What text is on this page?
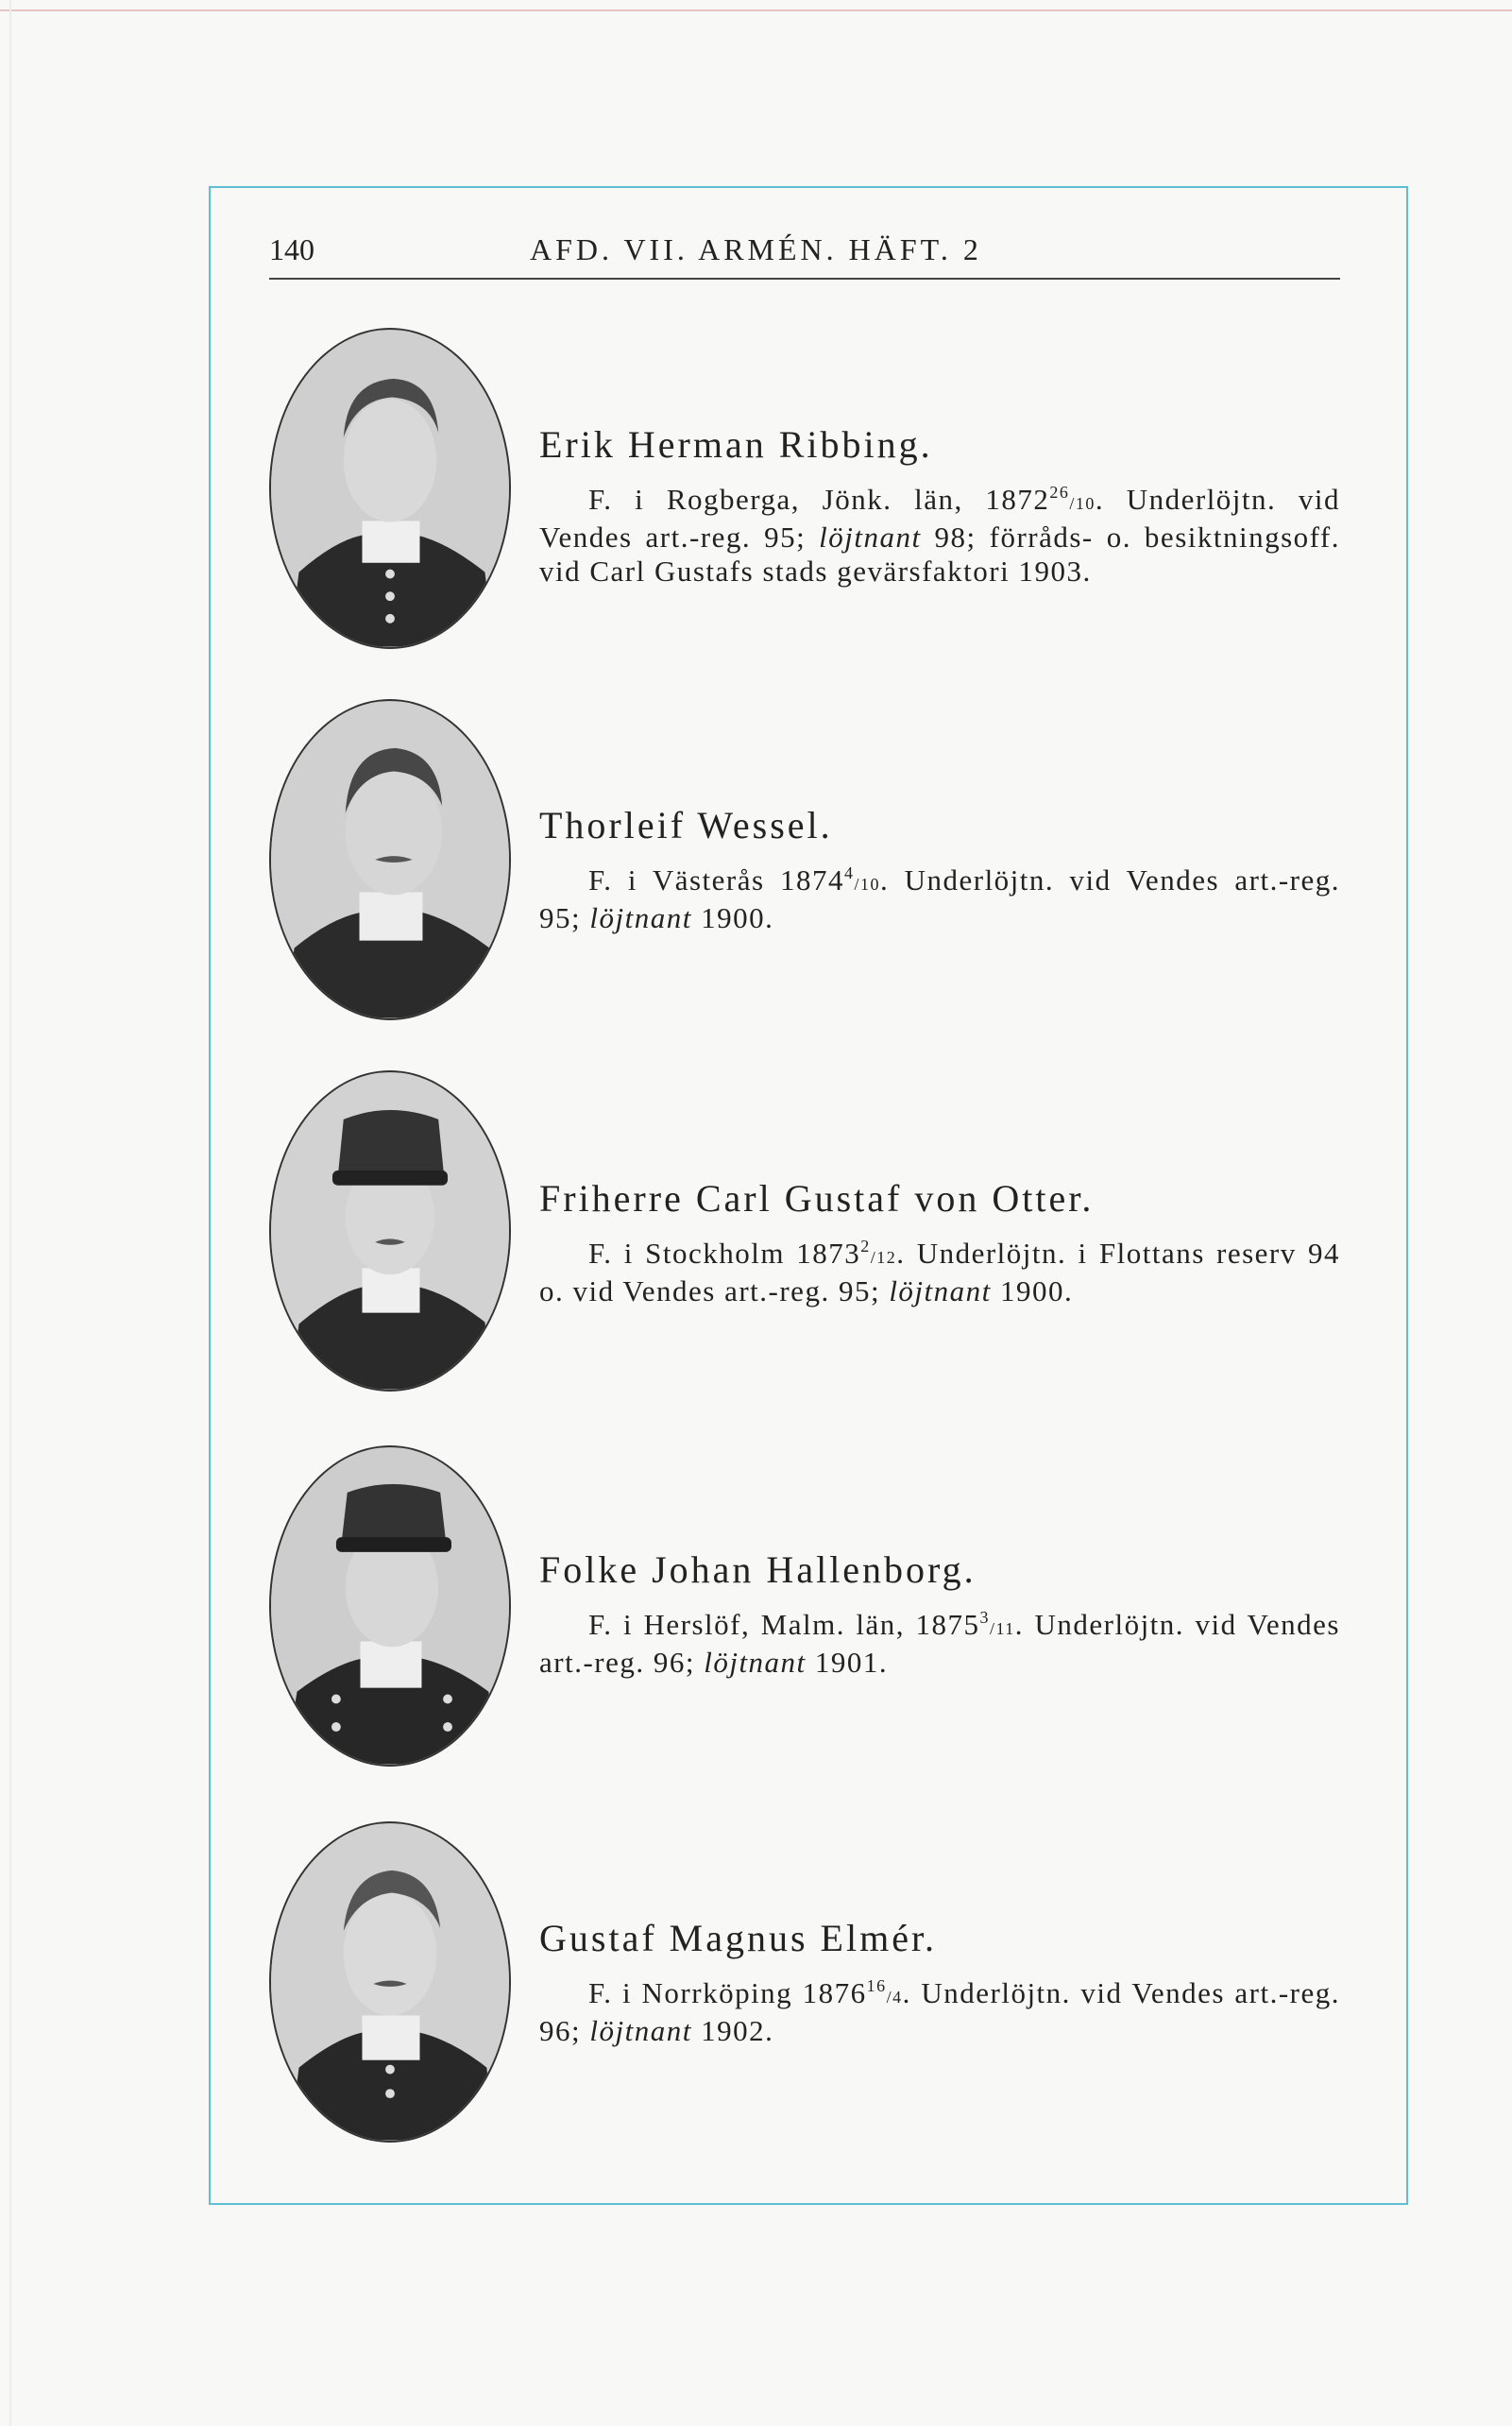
140	AFD. VII. ARMÉN. HÄFT. 2
Erik Herman Ribbing.
F. i Rogberga, Jönk. län, 1872$^{26}$/10. Underlöjtn. vid Vendes art.-reg. 95; löjtnant 98; förråds- o. besiktningsoff. vid Carl Gustafs stads gevärsfaktori 1903.
Thorleif Wessel.
F. i Västerås 1874$^4$/10. Underlöjtn. vid Vendes art.-reg. 95; löjtnant 1900.
Friherre Carl Gustaf von Otter.
F. i Stockholm 1873$^2$/12. Underlöjtn. i Flottans reserv 94 o. vid Vendes art.-reg. 95; löjtnant 1900.
Folke Johan Hallenborg.
F. i Herslöf, Malm. län, 1875$^3$/11. Underlöjtn. vid Vendes art.-reg. 96; löjtnant 1901.
Gustaf Magnus Elmér.
F. i Norrköping 1876$^{16}$/4. Underlöjtn. vid Vendes art.-reg. 96; löjtnant 1902.
